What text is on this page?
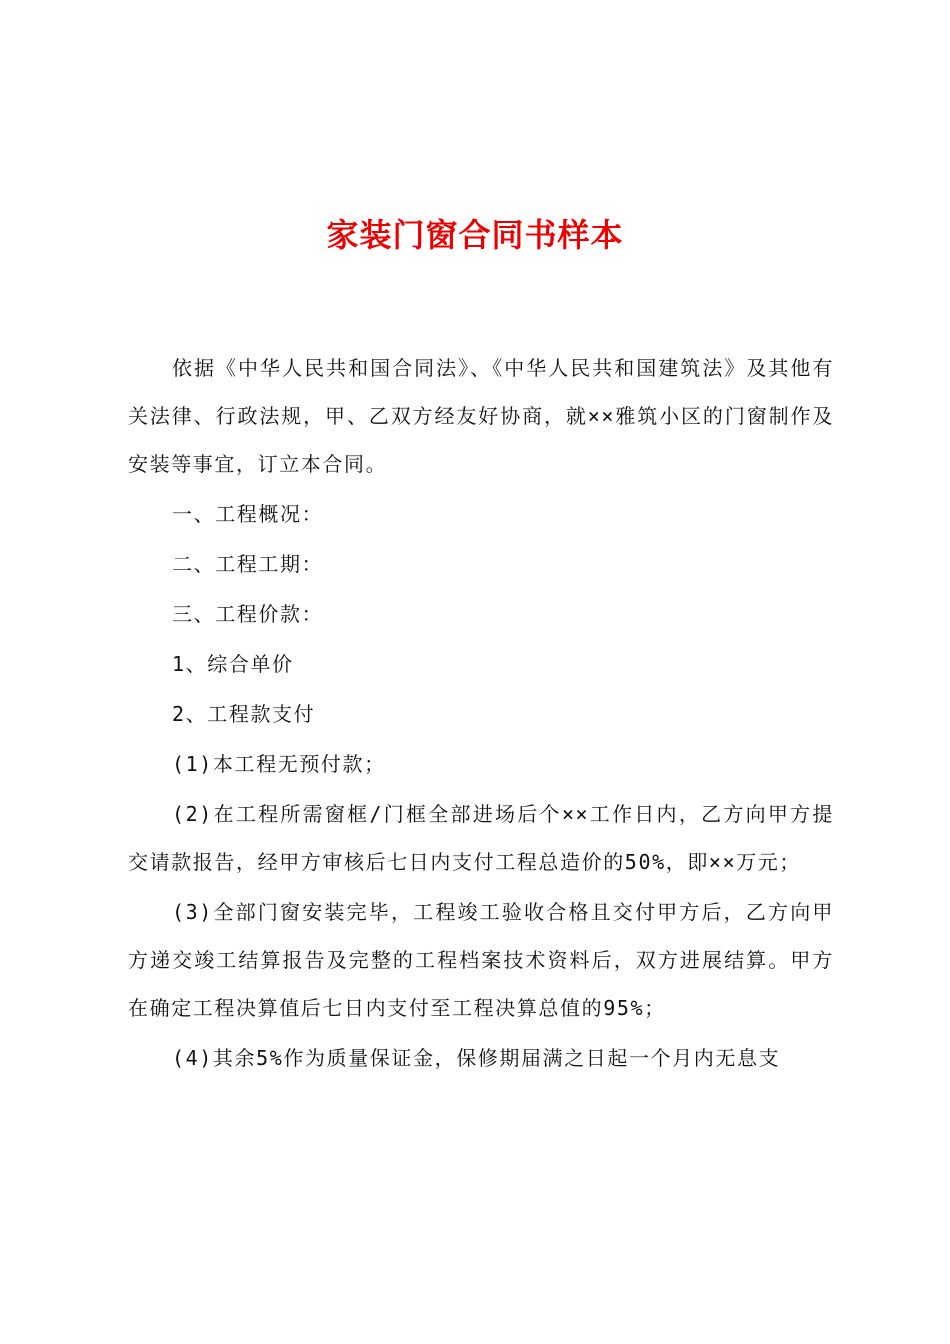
家装门窗合同书样本

依据《中华人民共和国合同法》、《中华人民共和国建筑法》及其他有关法律、行政法规，甲、乙双方经友好协商，就××雅筑小区的门窗制作及安装等事宜，订立本合同。

一、工程概况：

二、工程工期：

三、工程价款：

1、综合单价

2、工程款支付

(1)本工程无预付款；

(2)在工程所需窗框/门框全部进场后个××工作日内，乙方向甲方提交请款报告，经甲方审核后七日内支付工程总造价的50%，即××万元；

(3)全部门窗安装完毕，工程竣工验收合格且交付甲方后，乙方向甲方递交竣工结算报告及完整的工程档案技术资料后，双方进展结算。甲方在确定工程决算值后七日内支付至工程决算总值的95%；

(4)其余5%作为质量保证金，保修期届满之日起一个月内无息支
